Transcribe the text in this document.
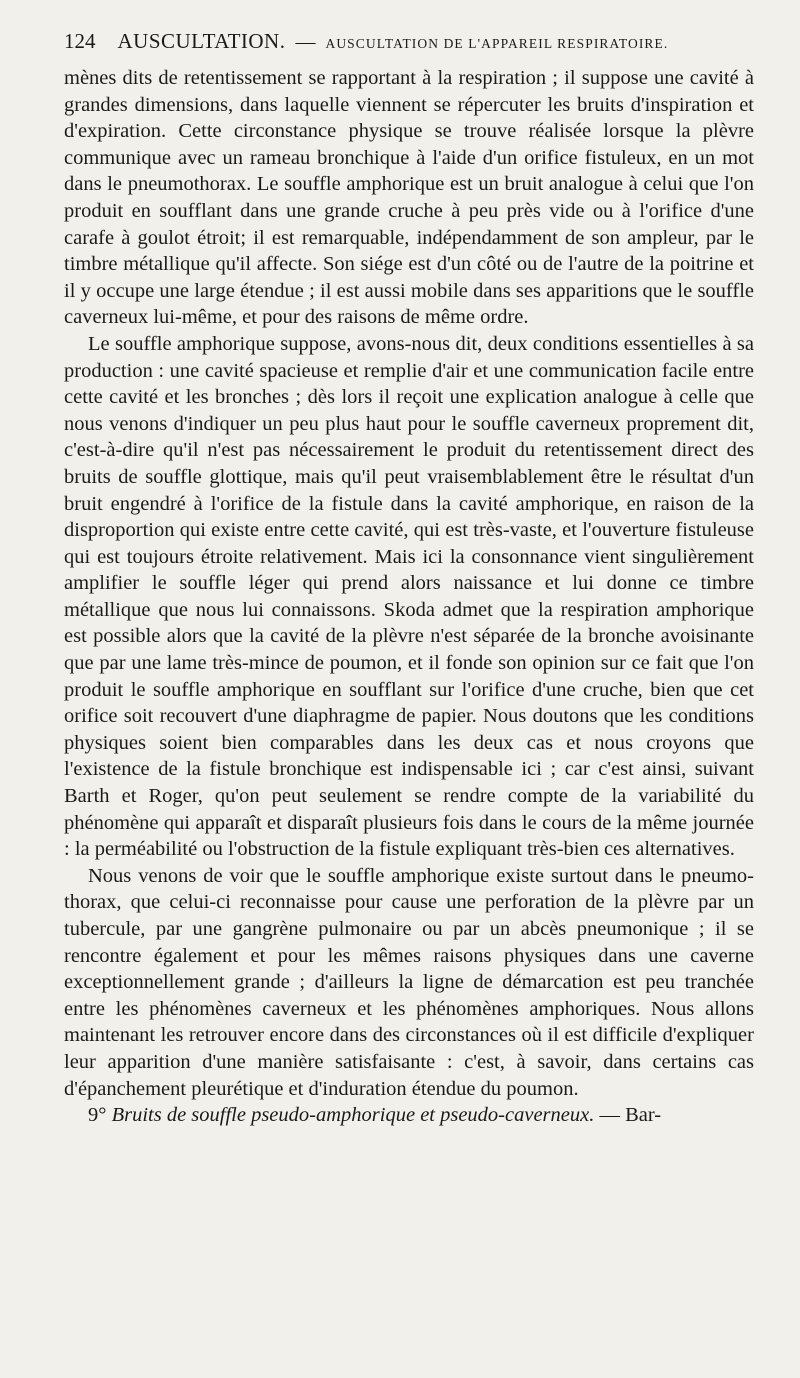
124 AUSCULTATION. — AUSCULTATION DE L'APPAREIL RESPIRATOIRE.

mènes dits de retentissement se rapportant à la respiration ; il suppose une cavité à grandes dimensions, dans laquelle viennent se répercuter les bruits d'inspiration et d'expiration. Cette circonstance physique se trouve réalisée lorsque la plèvre communique avec un rameau bronchique à l'aide d'un orifice fistuleux, en un mot dans le pneumothorax. Le souffle amphorique est un bruit analogue à celui que l'on produit en soufflant dans une grande cruche à peu près vide ou à l'orifice d'une carafe à goulot étroit; il est remarquable, indépendamment de son ampleur, par le timbre métallique qu'il affecte. Son siége est d'un côté ou de l'autre de la poitrine et il y occupe une large étendue ; il est aussi mobile dans ses apparitions que le souffle caverneux lui-même, et pour des raisons de même ordre.

Le souffle amphorique suppose, avons-nous dit, deux conditions essentielles à sa production : une cavité spacieuse et remplie d'air et une communication facile entre cette cavité et les bronches ; dès lors il reçoit une explication analogue à celle que nous venons d'indiquer un peu plus haut pour le souffle caverneux proprement dit, c'est-à-dire qu'il n'est pas nécessairement le produit du retentissement direct des bruits de souffle glottique, mais qu'il peut vraisemblablement être le résultat d'un bruit engendré à l'orifice de la fistule dans la cavité amphorique, en raison de la disproportion qui existe entre cette cavité, qui est très-vaste, et l'ouverture fistuleuse qui est toujours étroite relativement. Mais ici la consonnance vient singulièrement amplifier le souffle léger qui prend alors naissance et lui donne ce timbre métallique que nous lui connaissons. Skoda admet que la respiration amphorique est possible alors que la cavité de la plèvre n'est séparée de la bronche avoisinante que par une lame très-mince de poumon, et il fonde son opinion sur ce fait que l'on produit le souffle amphorique en soufflant sur l'orifice d'une cruche, bien que cet orifice soit recouvert d'une diaphragme de papier. Nous doutons que les conditions physiques soient bien comparables dans les deux cas et nous croyons que l'existence de la fistule bronchique est indispensable ici ; car c'est ainsi, suivant Barth et Roger, qu'on peut seulement se rendre compte de la variabilité du phénomène qui apparaît et disparaît plusieurs fois dans le cours de la même journée : la perméabilité ou l'obstruction de la fistule expliquant très-bien ces alternatives.

Nous venons de voir que le souffle amphorique existe surtout dans le pneumo-thorax, que celui-ci reconnaisse pour cause une perforation de la plèvre par un tubercule, par une gangrène pulmonaire ou par un abcès pneumonique ; il se rencontre également et pour les mêmes raisons physiques dans une caverne exceptionnellement grande ; d'ailleurs la ligne de démarcation est peu tranchée entre les phénomènes caverneux et les phénomènes amphoriques. Nous allons maintenant les retrouver encore dans des circonstances où il est difficile d'expliquer leur apparition d'une manière satisfaisante : c'est, à savoir, dans certains cas d'épanchement pleurétique et d'induration étendue du poumon.

9° Bruits de souffle pseudo-amphorique et pseudo-caverneux. — Bar-
